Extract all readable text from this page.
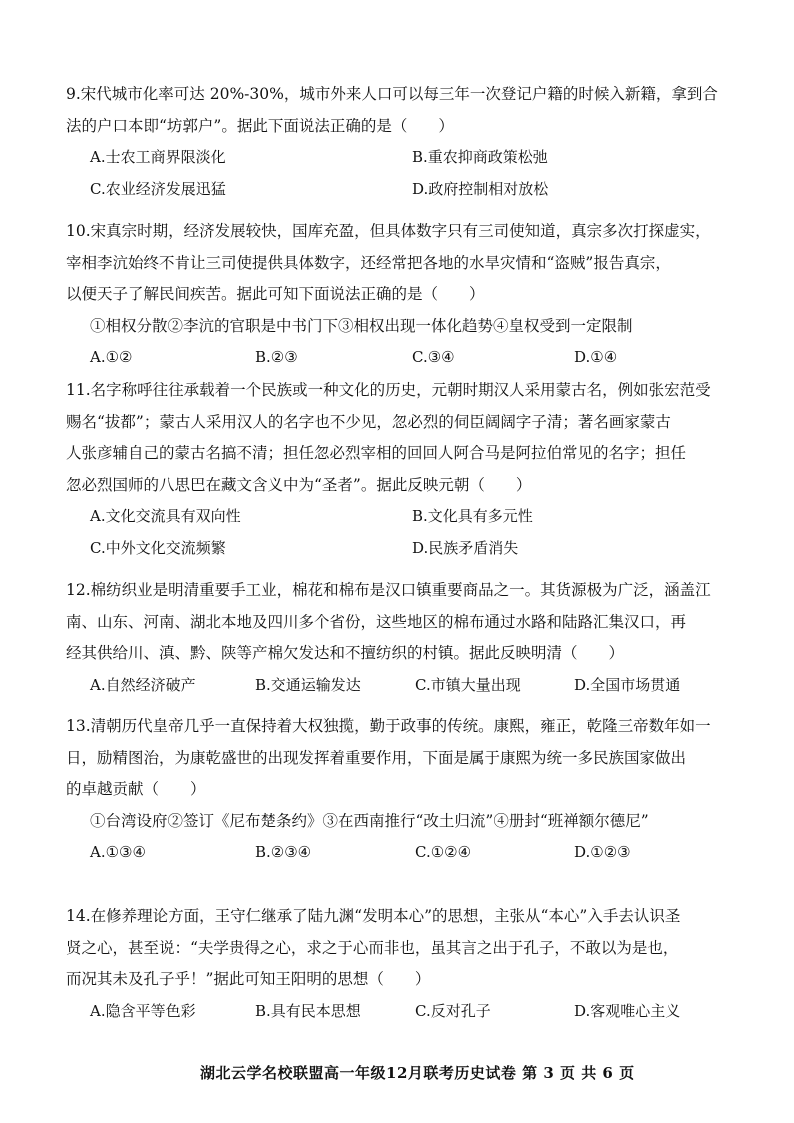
9.宋代城市化率可达 20%-30%，城市外来人口可以每三年一次登记户籍的时候入新籍，拿到合
法的户口本即“坊郭户”。据此下面说法正确的是（　　）
A.士农工商界限淡化	B.重农抑商政策松弛
C.农业经济发展迅猛	D.政府控制相对放松
10.宋真宗时期，经济发展较快，国库充盈，但具体数字只有三司使知道，真宗多次打探虚实，
宰相李沆始终不肯让三司使提供具体数字，还经常把各地的水旱灾情和“盗贼”报告真宗，
以便天子了解民间疾苦。据此可知下面说法正确的是（　　）
①相权分散②李沆的官职是中书门下③相权出现一体化趋势④皇权受到一定限制
A.①②	B.②③	C.③④	D.①④
11.名字称呼往往承载着一个民族或一种文化的历史，元朝时期汉人采用蒙古名，例如张宏范受
赐名“拔都”；蒙古人采用汉人的名字也不少见，忽必烈的伺臣阔阔字子清；著名画家蒙古
人张彦辅自己的蒙古名搞不清；担任忽必烈宰相的回回人阿合马是阿拉伯常见的名字；担任
忽必烈国师的八思巴在藏文含义中为“圣者”。据此反映元朝（　　）
A.文化交流具有双向性	B.文化具有多元性
C.中外文化交流频繁	D.民族矛盾消失
12.棉纺织业是明清重要手工业，棉花和棉布是汉口镇重要商品之一。其货源极为广泛，涵盖江
南、山东、河南、湖北本地及四川多个省份，这些地区的棉布通过水路和陆路汇集汉口，再
经其供给川、滇、黔、陕等产棉欠发达和不擅纺织的村镇。据此反映明清（　　）
A.自然经济破产	B.交通运输发达	C.市镇大量出现	D.全国市场贯通
13.清朝历代皇帝几乎一直保持着大权独揽，勤于政事的传统。康熙，雍正，乾隆三帝数年如一
日，励精图治，为康乾盛世的出现发挥着重要作用，下面是属于康熙为统一多民族国家做出
的卓越贡献（　　）
①台湾设府②签订《尼布楚条约》③在西南推行“改土归流”④册封“班禅额尔德尼”
A.①③④	B.②③④	C.①②④	D.①②③
14.在修养理论方面，王守仁继承了陆九渊“发明本心”的思想，主张从“本心”入手去认识圣
贤之心，甚至说：“夫学贵得之心，求之于心而非也，虽其言之出于孔子，不敢以为是也，
而况其未及孔子乎！”据此可知王阳明的思想（　　）
A.隐含平等色彩	B.具有民本思想	C.反对孔子	D.客观唯心主义
湖北云学名校联盟高一年级12月联考历史试卷 第 3 页 共 6 页
